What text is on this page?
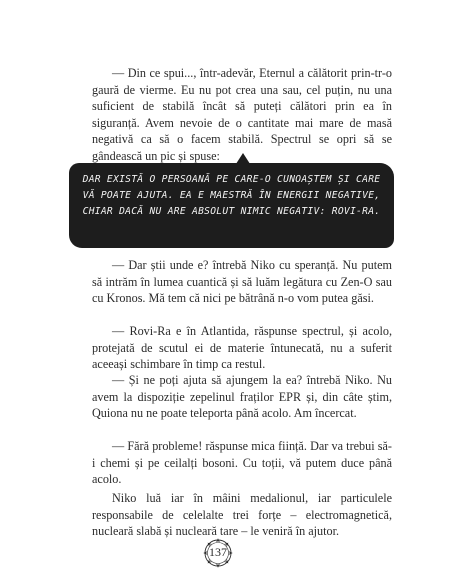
— Din ce spui..., într-adevăr, Eternul a călătorit prin-tr-o gaură de vierme. Eu nu pot crea una sau, cel puțin, nu una suficient de stabilă încât să puteți călători prin ea în siguranță. Avem nevoie de o cantitate mai mare de masă negativă ca să o facem stabilă. Spectrul se opri să se gândească un pic și spuse:

DAR EXISTĂ O PERSOANĂ PE CARE-O CUNOAȘTEM ȘI CARE VĂ POATE AJUTA. EA E MAESTRĂ ÎN ENERGII NEGATIVE, CHIAR DACĂ NU ARE ABSOLUT NIMIC NEGATIV: ROVI-RA.

— Dar știi unde e? întrebă Niko cu speranță. Nu putem să intrăm în lumea cuantică și să luăm legătura cu Zen-O sau cu Kronos. Mă tem că nici pe bătrână n-o vom putea găsi.

— Rovi-Ra e în Atlantida, răspunse spectrul, și acolo, protejată de scutul ei de materie întunecată, nu a suferit aceeași schimbare în timp ca restul.

— Și ne poți ajuta să ajungem la ea? întrebă Niko. Nu avem la dispoziție zepelinul fraților EPR și, din câte știm, Quiona nu ne poate teleporta până acolo. Am încercat.

— Fără probleme! răspunse mica ființă. Dar va trebui să-i chemi și pe ceilalți bosoni. Cu toții, vă putem duce până acolo.

Niko luă iar în mâini medalionul, iar particulele responsabile de celelalte trei forțe – electromagnetică, nucleară slabă și nucleară tare – le veniră în ajutor.

137
